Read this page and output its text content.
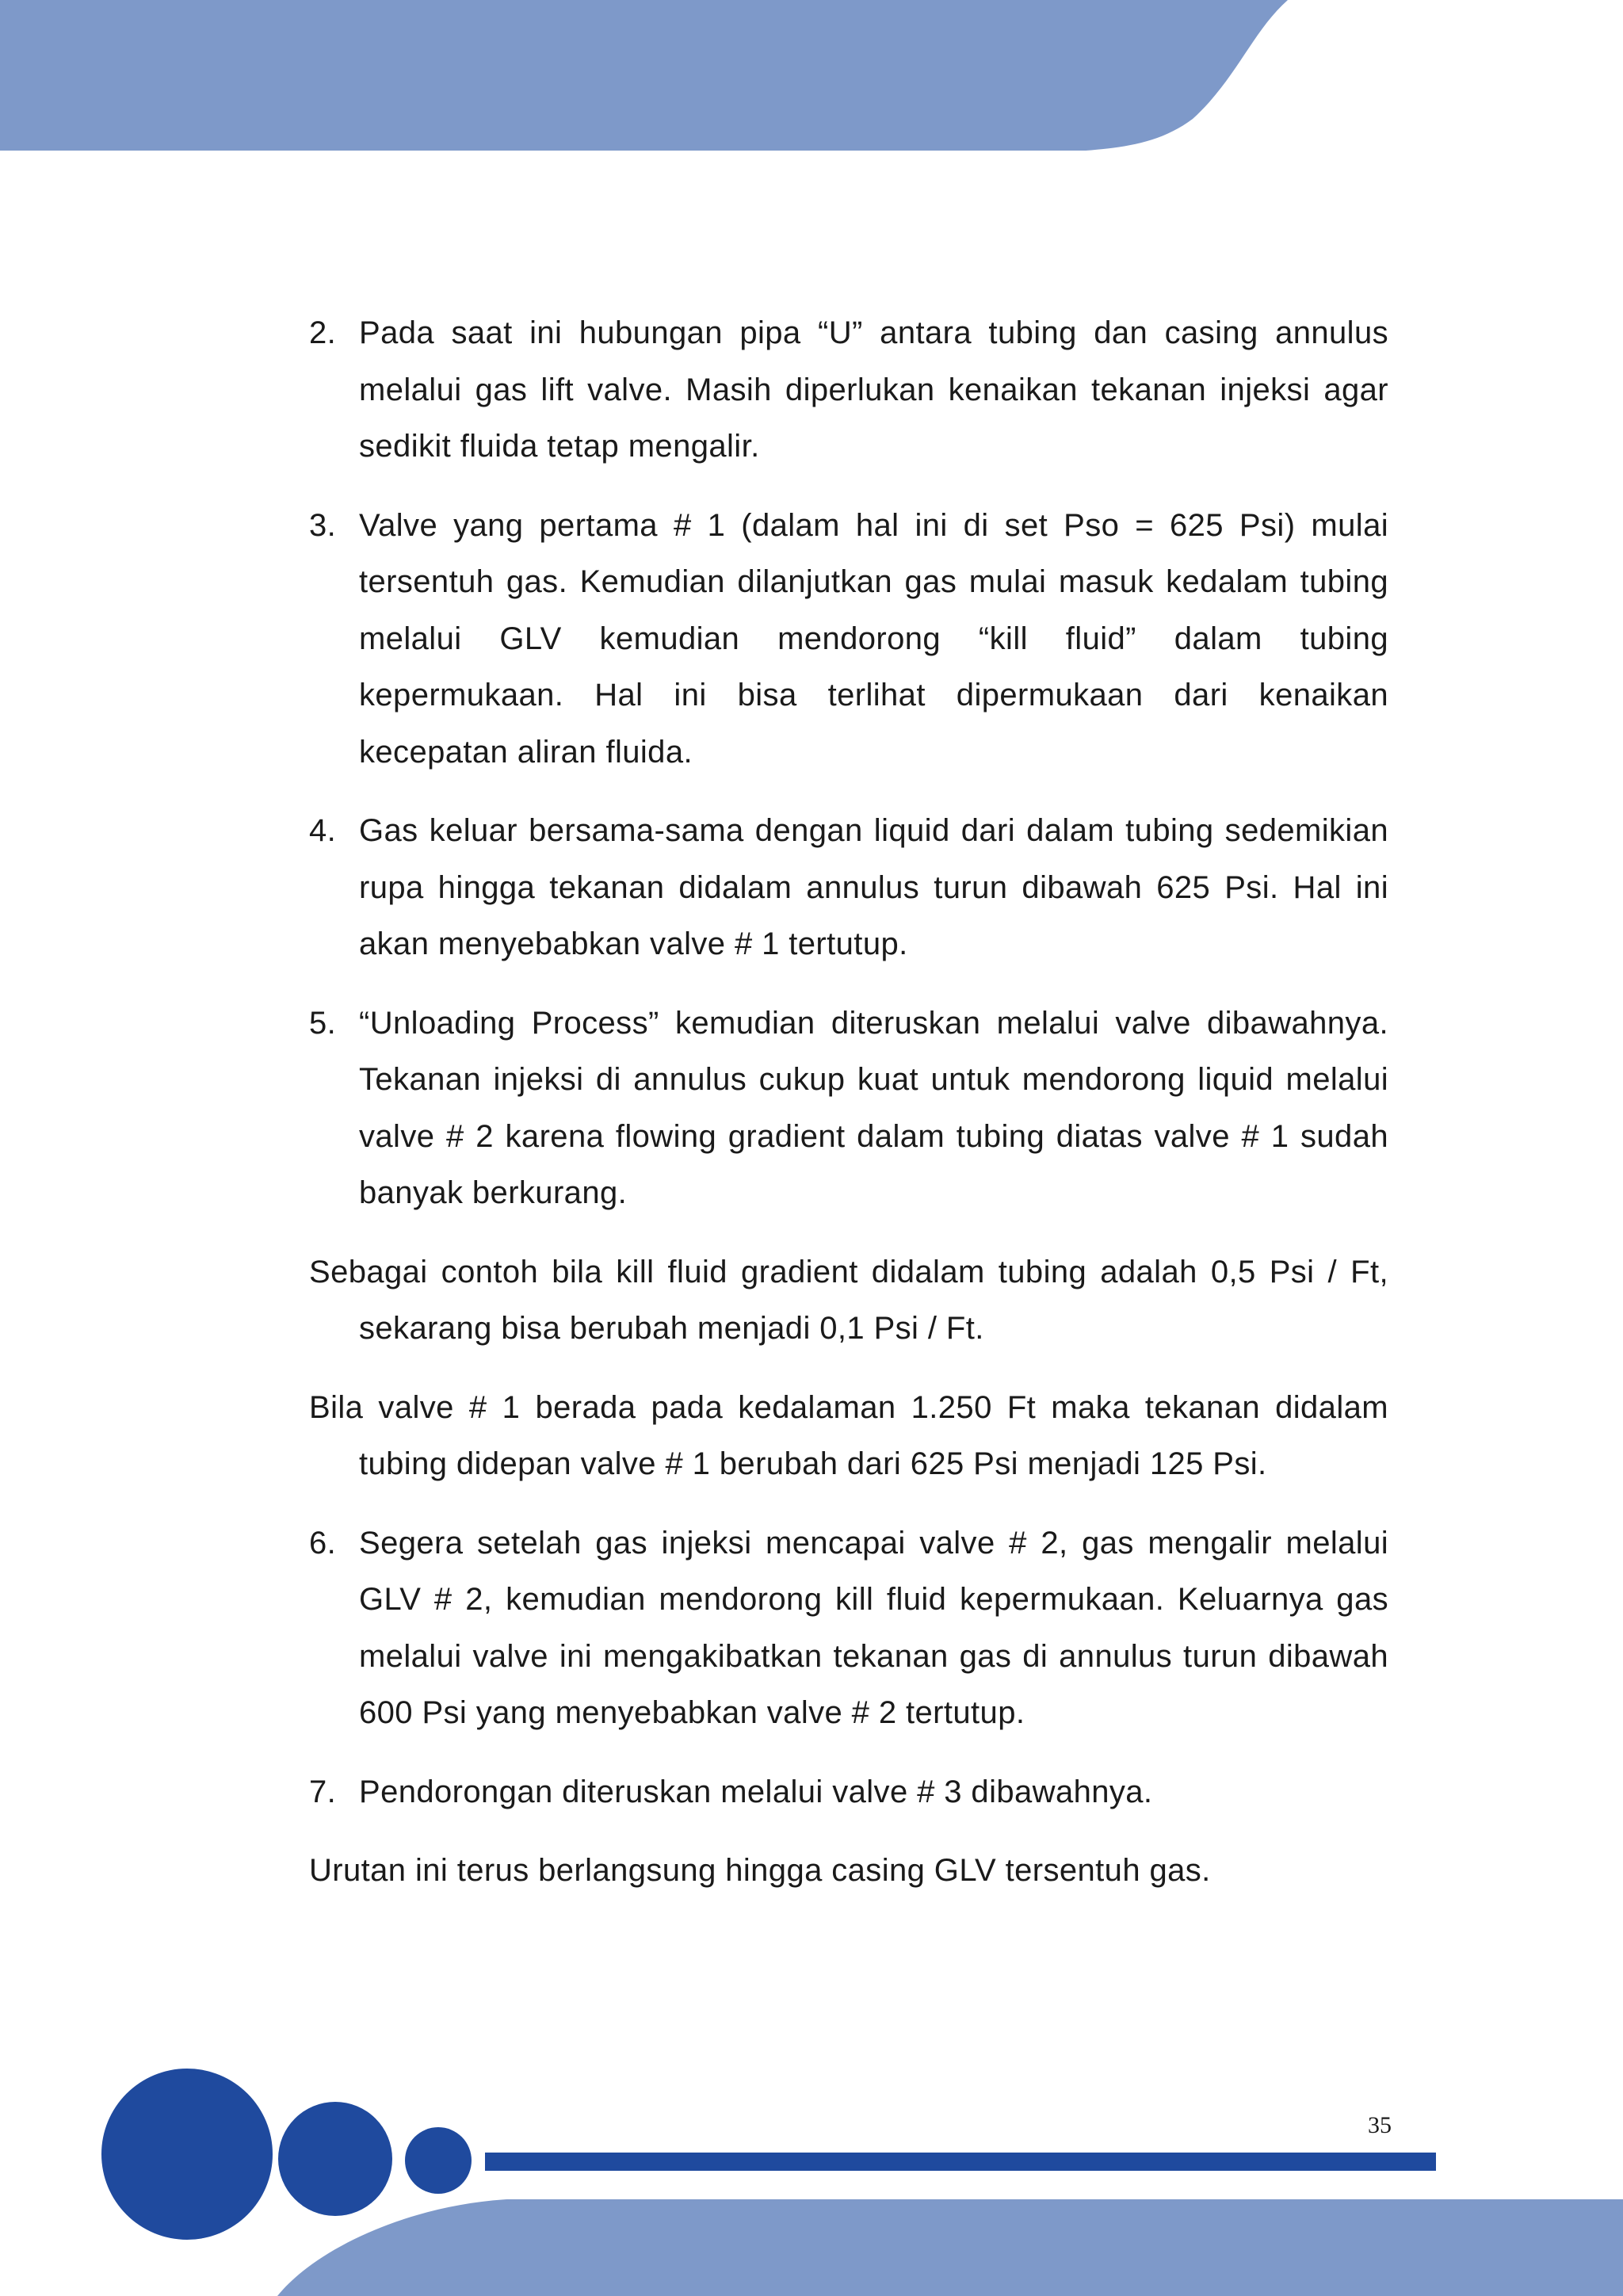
2. Pada saat ini hubungan pipa “U” antara tubing dan casing annulus melalui gas lift valve. Masih diperlukan kenaikan tekanan injeksi agar sedikit fluida tetap mengalir.
3. Valve yang pertama # 1 (dalam hal ini di set Pso = 625 Psi) mulai tersentuh gas. Kemudian dilanjutkan gas mulai masuk kedalam tubing melalui GLV kemudian mendorong “kill fluid” dalam tubing kepermukaan. Hal ini bisa terlihat dipermukaan dari kenaikan kecepatan aliran fluida.
4. Gas keluar bersama-sama dengan liquid dari dalam tubing sedemikian rupa hingga tekanan didalam annulus turun dibawah 625 Psi. Hal ini akan menyebabkan valve # 1 tertutup.
5. “Unloading Process” kemudian diteruskan melalui valve dibawahnya. Tekanan injeksi di annulus cukup kuat untuk mendorong liquid melalui valve # 2 karena flowing gradient dalam tubing diatas valve # 1 sudah banyak berkurang.
Sebagai contoh bila kill fluid gradient didalam tubing adalah 0,5 Psi / Ft, sekarang bisa berubah menjadi 0,1 Psi / Ft.
Bila valve # 1 berada pada kedalaman 1.250 Ft maka tekanan didalam tubing didepan valve # 1 berubah dari 625 Psi menjadi 125 Psi.
6. Segera setelah gas injeksi mencapai valve # 2, gas mengalir melalui GLV # 2, kemudian mendorong kill fluid kepermukaan. Keluarnya gas melalui valve ini mengakibatkan tekanan gas di annulus turun dibawah 600 Psi yang menyebabkan valve # 2 tertutup.
7. Pendorongan diteruskan melalui valve # 3 dibawahnya.
Urutan ini terus berlangsung hingga casing GLV tersentuh gas.
35
